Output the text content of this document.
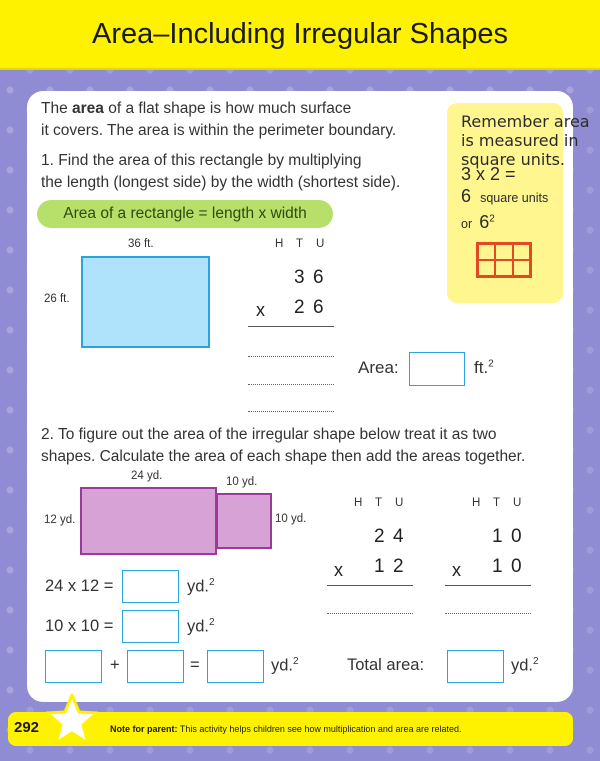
Area–Including Irregular Shapes
The area of a flat shape is how much surface
it covers. The area is within the perimeter boundary.	Remember area
is measured in
square units.
3 x 2 =
6 square units
or $6^2$
1. Find the area of this rectangle by multiplying
the length (longest side) by the width (shortest side).
Area of a rectangle = length x width
36 ft.
26 ft.
H T U
3 6
x 2 6
Area:	ft.$^2$
2. To figure out the area of the irregular shape below treat it as two
shapes. Calculate the area of each shape then add the areas together.
24 yd.	10 yd.
12 yd.	10 yd.
H T U
2 4
x 1 2
H T U
1 0
x 1 0
24 x 12 =	yd.$^2$
10 x 10 =	yd.$^2$
+	=	yd.$^2$	Total area:	yd.$^2$
292	Note for parent: This activity helps children see how multiplication and area are related.
